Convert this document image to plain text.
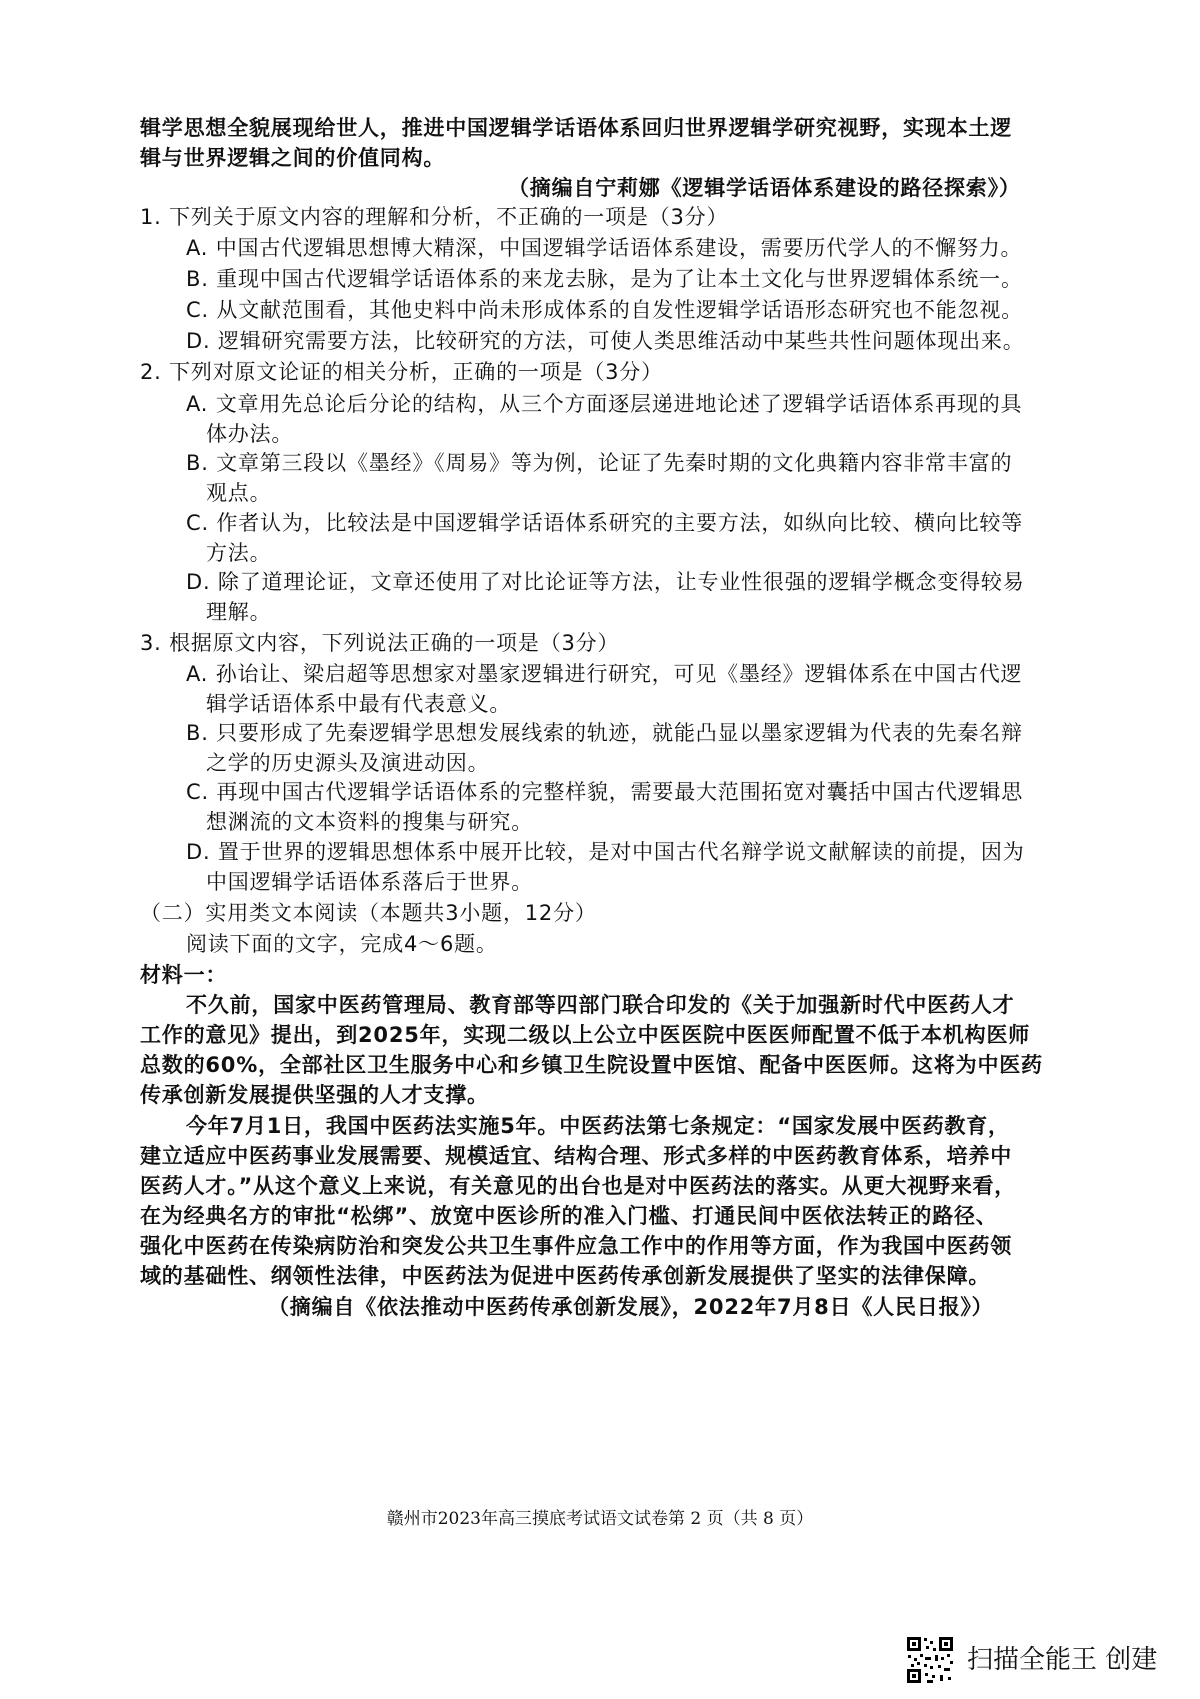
辑学思想全貌展现给世人，推进中国逻辑学话语体系回归世界逻辑学研究视野，实现本土逻
辑与世界逻辑之间的价值同构。
（摘编自宁莉娜《逻辑学话语体系建设的路径探索》）
1. 下列关于原文内容的理解和分析，不正确的一项是（3分）
A. 中国古代逻辑思想博大精深，中国逻辑学话语体系建设，需要历代学人的不懈努力。
B. 重现中国古代逻辑学话语体系的来龙去脉，是为了让本土文化与世界逻辑体系统一。
C. 从文献范围看，其他史料中尚未形成体系的自发性逻辑学话语形态研究也不能忽视。
D. 逻辑研究需要方法，比较研究的方法，可使人类思维活动中某些共性问题体现出来。
2. 下列对原文论证的相关分析，正确的一项是（3分）
A. 文章用先总论后分论的结构，从三个方面逐层递进地论述了逻辑学话语体系再现的具
体办法。
B. 文章第三段以《墨经》《周易》等为例，论证了先秦时期的文化典籍内容非常丰富的
观点。
C. 作者认为，比较法是中国逻辑学话语体系研究的主要方法，如纵向比较、横向比较等
方法。
D. 除了道理论证，文章还使用了对比论证等方法，让专业性很强的逻辑学概念变得较易
理解。
3. 根据原文内容，下列说法正确的一项是（3分）
A. 孙诒让、梁启超等思想家对墨家逻辑进行研究，可见《墨经》逻辑体系在中国古代逻
辑学话语体系中最有代表意义。
B. 只要形成了先秦逻辑学思想发展线索的轨迹，就能凸显以墨家逻辑为代表的先秦名辩
之学的历史源头及演进动因。
C. 再现中国古代逻辑学话语体系的完整样貌，需要最大范围拓宽对囊括中国古代逻辑思
想渊流的文本资料的搜集与研究。
D. 置于世界的逻辑思想体系中展开比较，是对中国古代名辩学说文献解读的前提，因为
中国逻辑学话语体系落后于世界。
（二）实用类文本阅读（本题共3小题，12分）
阅读下面的文字，完成4～6题。
材料一：
不久前，国家中医药管理局、教育部等四部门联合印发的《关于加强新时代中医药人才
工作的意见》提出，到2025年，实现二级以上公立中医医院中医医师配置不低于本机构医师
总数的60%，全部社区卫生服务中心和乡镇卫生院设置中医馆、配备中医医师。这将为中医药
传承创新发展提供坚强的人才支撑。
今年7月1日，我国中医药法实施5年。中医药法第七条规定：“国家发展中医药教育，
建立适应中医药事业发展需要、规模适宜、结构合理、形式多样的中医药教育体系，培养中
医药人才。”从这个意义上来说，有关意见的出台也是对中医药法的落实。从更大视野来看，
在为经典名方的审批“松绑”、放宽中医诊所的准入门槛、打通民间中医依法转正的路径、
强化中医药在传染病防治和突发公共卫生事件应急工作中的作用等方面，作为我国中医药领
域的基础性、纲领性法律，中医药法为促进中医药传承创新发展提供了坚实的法律保障。
（摘编自《依法推动中医药传承创新发展》，2022年7月8日《人民日报》）
赣州市2023年高三摸底考试语文试卷第 2 页（共 8 页）
扫描全能王 创建
